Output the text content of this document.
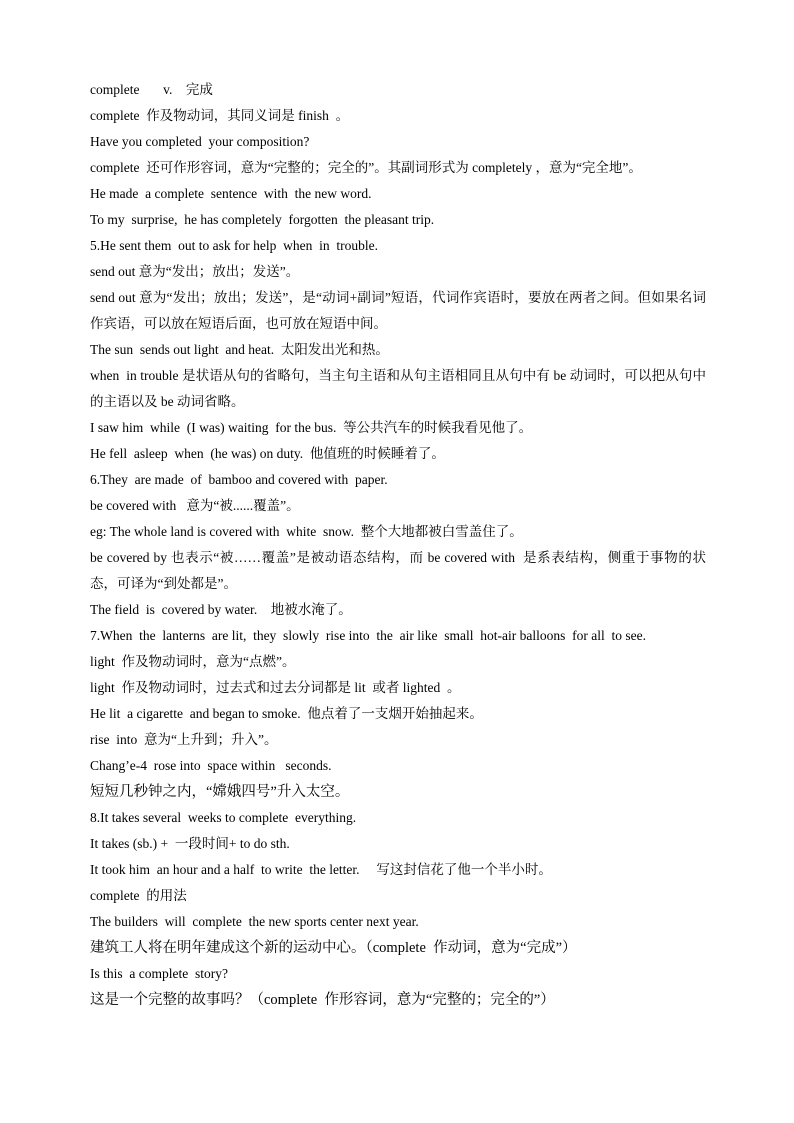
complete       v.    完成

complete  作及物动词，其同义词是 finish  。

Have you completed  your composition?

complete  还可作形容词，意为“完整的；完全的”。其副词形式为 completely ，意为“完全地”。

He made  a complete  sentence  with  the new word.

To my  surprise,  he has completely  forgotten  the pleasant trip.

5.He sent them  out to ask for help  when  in  trouble.

send out 意为“发出；放出；发送”。

send out 意为“发出；放出；发送”，是“动词+副词”短语，代词作宾语时，要放在两者之间。但如果名词作宾语，可以放在短语后面，也可放在短语中间。

The sun  sends out light  and heat.  太阳发出光和热。

when  in trouble 是状语从句的省略句，当主句主语和从句主语相同且从句中有 be 动词时，可以把从句中的主语以及 be 动词省略。

I saw him  while  (I was) waiting  for the bus.  等公共汽车的时候我看见他了。

He fell  asleep  when  (he was) on duty.  他值班的时候睡着了。

6.They  are made  of  bamboo and covered with  paper.

be covered with   意为“被......覆盖”。

eg: The whole land is covered with  white  snow.  整个大地都被白雪盖住了。

be covered by 也表示“被……覆盖”是被动语态结构，而 be covered with  是系表结构，侧重于事物的状态，可译为“到处都是”。

The field  is  covered by water.    地被水淹了。

7.When  the  lanterns  are lit,  they  slowly  rise into  the  air like  small  hot-air balloons  for all  to see.

light  作及物动词时，意为“点燃”。

light  作及物动词时，过去式和过去分词都是 lit  或者 lighted  。

He lit  a cigarette  and began to smoke.  他点着了一支烟开始抽起来。

rise  into  意为“上升到；升入”。

Chang’e-4  rose into  space within   seconds.

短短几秒钟之内，“嫦娥四号”升入太空。

8.It takes several  weeks to complete  everything.

It takes (sb.) +  一段时间+ to do sth.

It took him  an hour and a half  to write  the letter.     写这封信花了他一个半小时。

complete  的用法

The builders  will  complete  the new sports center next year.

建筑工人将在明年建成这个新的运动中心。（complete  作动词，意为“完成”）

Is this  a complete  story?

这是一个完整的故事吗？（complete  作形容词，意为“完整的；完全的”）
